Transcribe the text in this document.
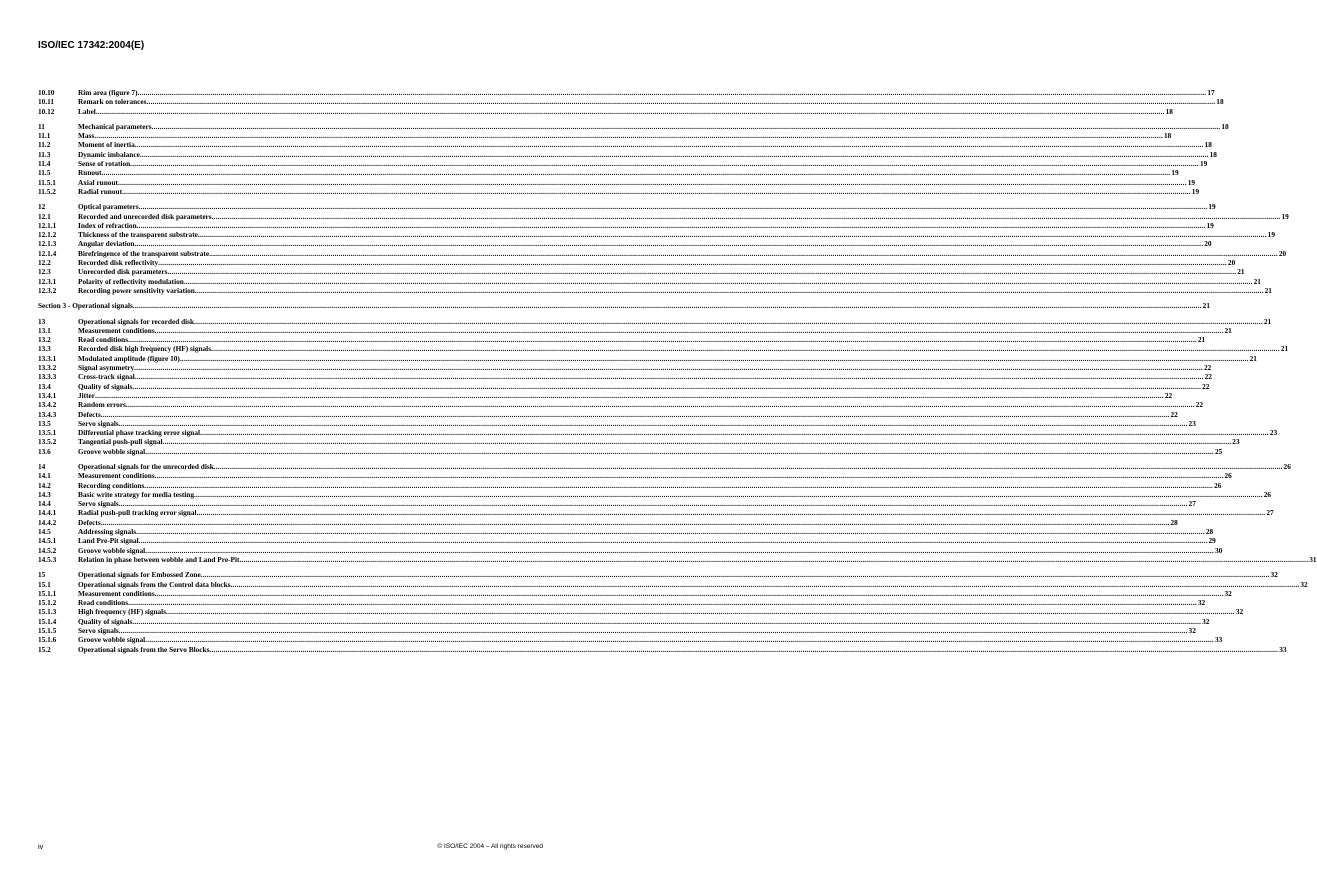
ISO/IEC 17342:2004(E)
10.10	Rim area (figure 7) .....	17
10.11	Remark on tolerances .....	18
10.12	Label .....	18
11	Mechanical parameters .....	18
11.1	Mass .....	18
11.2	Moment of inertia .....	18
11.3	Dynamic imbalance .....	18
11.4	Sense of rotation .....	19
11.5	Runout .....	19
11.5.1	Axial runout .....	19
11.5.2	Radial runout .....	19
12	Optical parameters .....	19
12.1	Recorded and unrecorded disk parameters .....	19
12.1.1	Index of refraction .....	19
12.1.2	Thickness of the transparent substrate .....	19
12.1.3	Angular deviation .....	20
12.1.4	Birefringence of the transparent substrate .....	20
12.2	Recorded disk reflectivity .....	20
12.3	Unrecorded disk parameters .....	21
12.3.1	Polarity of reflectivity modulation .....	21
12.3.2	Recording power sensitivity variation .....	21
Section 3 - Operational signals .....	21
13	Operational signals for recorded disk .....	21
13.1	Measurement conditions .....	21
13.2	Read conditions .....	21
13.3	Recorded disk high frequency (HF) signals .....	21
13.3.1	Modulated amplitude (figure 10) .....	21
13.3.2	Signal asymmetry .....	22
13.3.3	Cross-track signal .....	22
13.4	Quality of signals .....	22
13.4.1	Jitter .....	22
13.4.2	Random errors .....	22
13.4.3	Defects .....	22
13.5	Servo signals .....	23
13.5.1	Differential phase tracking error signal .....	23
13.5.2	Tangential push-pull signal .....	23
13.6	Groove wobble signal .....	25
14	Operational signals for the unrecorded disk .....	26
14.1	Measurement conditions .....	26
14.2	Recording conditions .....	26
14.3	Basic write strategy for media testing .....	26
14.4	Servo signals .....	27
14.4.1	Radial push-pull tracking error signal .....	27
14.4.2	Defects .....	28
14.5	Addressing signals .....	28
14.5.1	Land Pre-Pit signal .....	29
14.5.2	Groove wobble signal .....	30
14.5.3	Relation in phase between wobble and Land Pre-Pit .....	31
15	Operational signals for Embossed Zone .....	32
15.1	Operational signals from the Control data blocks .....	32
15.1.1	Measurement conditions .....	32
15.1.2	Read conditions .....	32
15.1.3	High frequency (HF) signals .....	32
15.1.4	Quality of signals .....	32
15.1.5	Servo signals .....	32
15.1.6	Groove wobble signal .....	33
15.2	Operational signals from the Servo Blocks .....	33
iv	© ISO/IEC 2004 – All rights reserved
